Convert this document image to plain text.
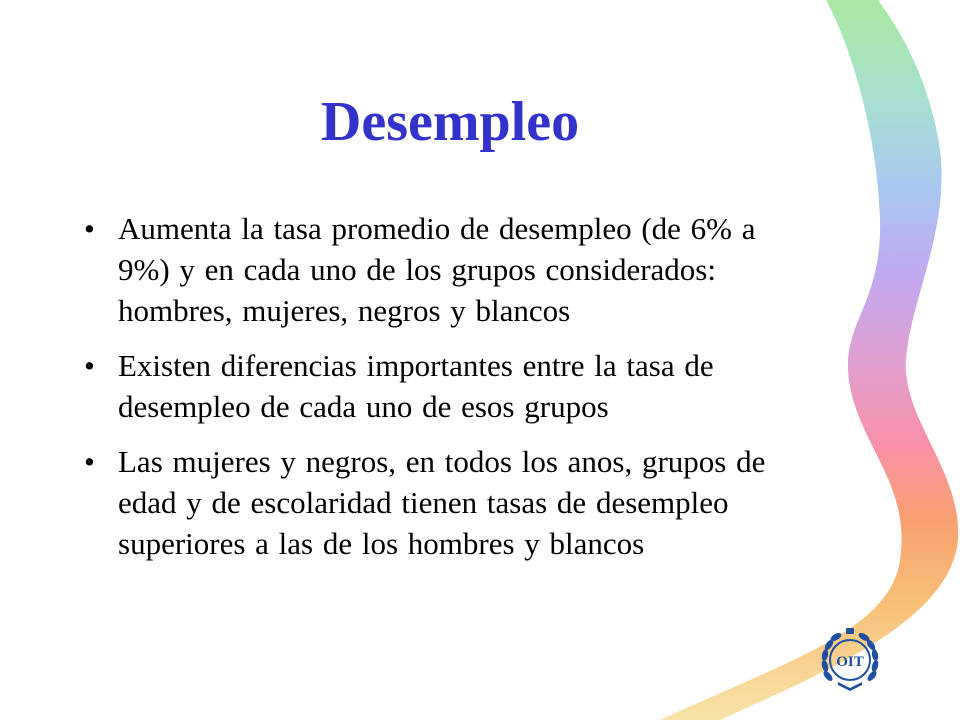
Desempleo
• Aumenta la tasa promedio de desempleo (de 6% a 9%) y en cada uno de los grupos considerados: hombres, mujeres, negros y blancos
• Existen diferencias importantes entre la tasa de desempleo de cada uno de esos grupos
• Las mujeres y negros, en todos los anos, grupos de edad y de escolaridad tienen tasas de desempleo superiores a las de los hombres y blancos
OIT
